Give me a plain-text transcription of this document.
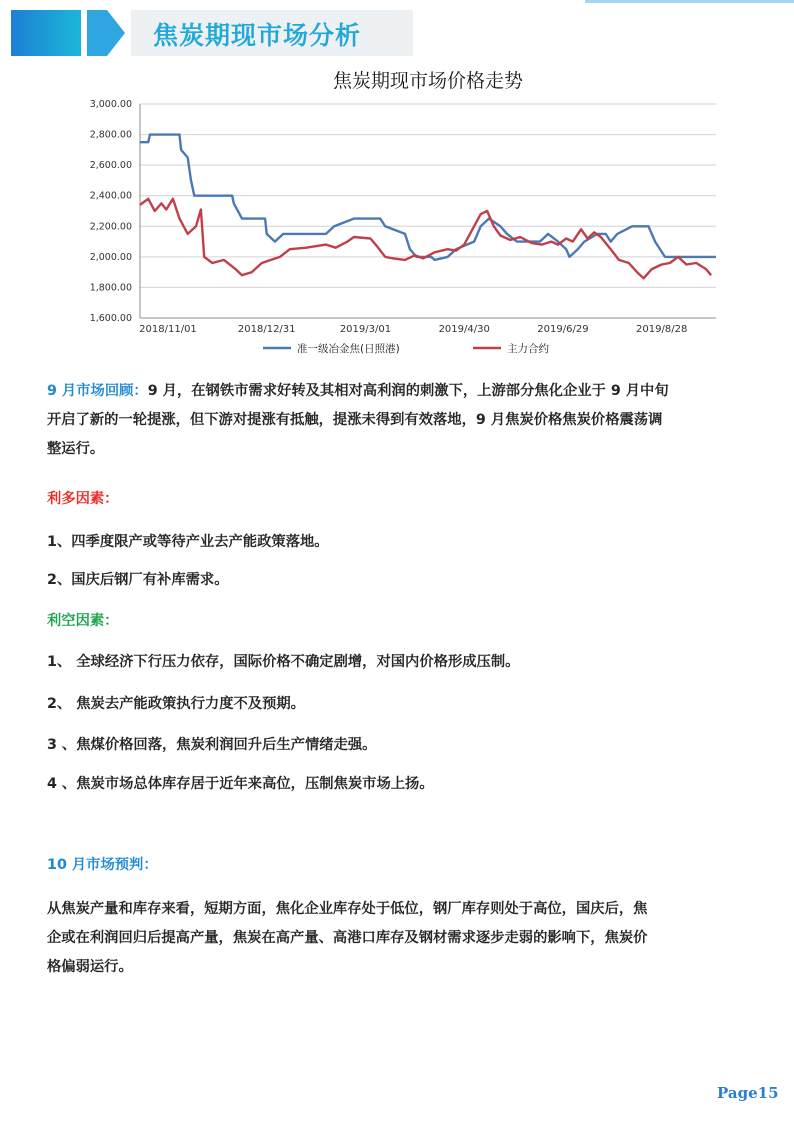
焦炭期现市场分析
焦炭期现市场价格走势
1,600.00
1,800.00
2,000.00
2,200.00
2,400.00
2,600.00
2,800.00
3,000.00
2018/11/01	2018/12/31	2019/3/01	2019/4/30	2019/6/29	2019/8/28
准一级冶金焦(日照港)	主力合约
9 月市场回顾：9 月，在钢铁市需求好转及其相对高利润的刺激下，上游部分焦化企业于 9 月中旬
开启了新的一轮提涨，但下游对提涨有抵触，提涨未得到有效落地，9 月焦炭价格焦炭价格震荡调
整运行。
利多因素：
1、四季度限产或等待产业去产能政策落地。
2、国庆后钢厂有补库需求。
利空因素：
1、 全球经济下行压力依存，国际价格不确定剧增，对国内价格形成压制。
2、 焦炭去产能政策执行力度不及预期。
3 、焦煤价格回落，焦炭利润回升后生产情绪走强。
4 、焦炭市场总体库存居于近年来高位，压制焦炭市场上扬。
10 月市场预判：
从焦炭产量和库存来看，短期方面，焦化企业库存处于低位，钢厂库存则处于高位，国庆后，焦
企或在利润回归后提高产量，焦炭在高产量、高港口库存及钢材需求逐步走弱的影响下，焦炭价
格偏弱运行。
Page15
